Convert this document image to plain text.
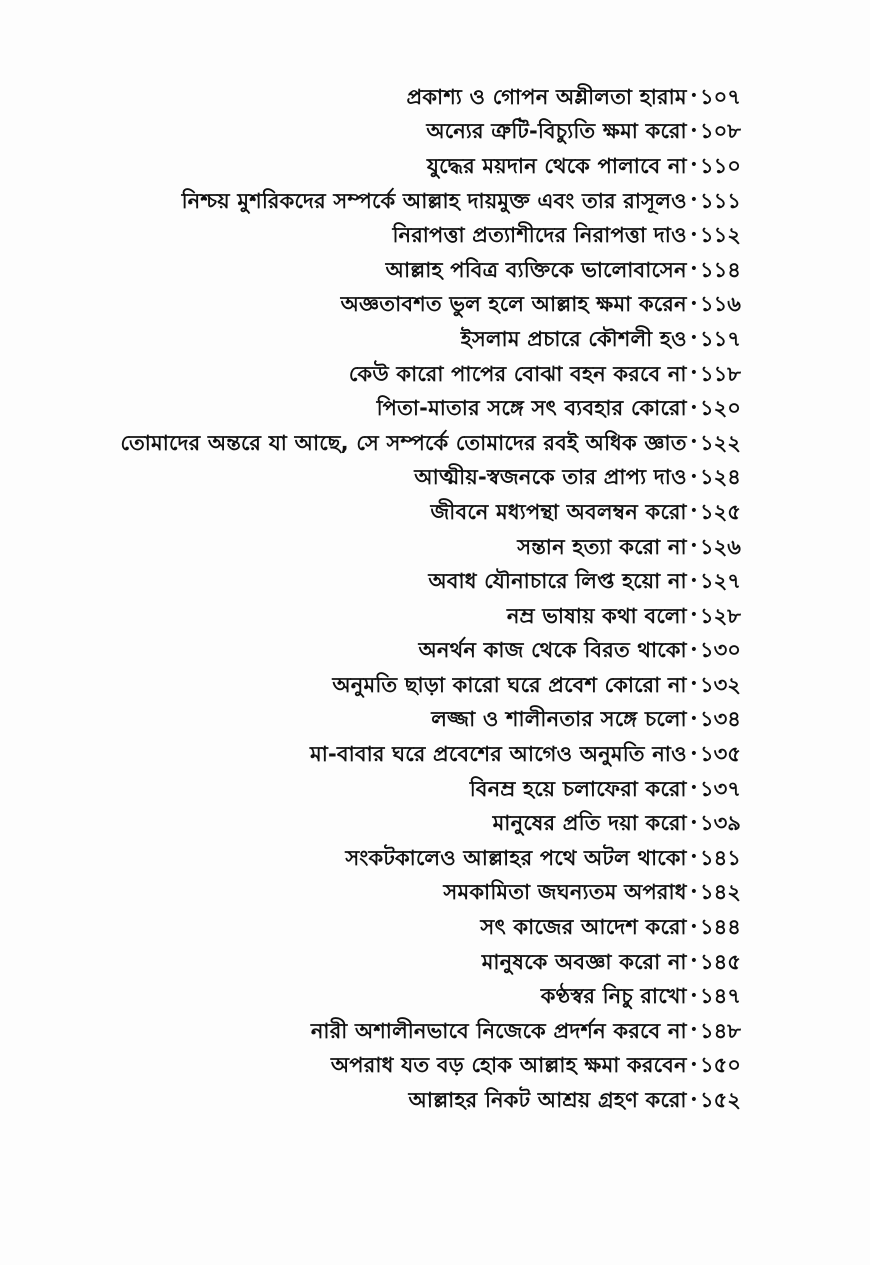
প্রকাশ্য ও গোপন অশ্লীলতা হারাম • ১০৭
অন্যের ত্রুটি-বিচ্যুতি ক্ষমা করো • ১০৮
যুদ্ধের ময়দান থেকে পালাবে না • ১১০
নিশ্চয় মুশরিকদের সম্পর্কে আল্লাহ দায়মুক্ত এবং তার রাসূলও • ১১১
নিরাপত্তা প্রত্যাশীদের নিরাপত্তা দাও • ১১২
আল্লাহ পবিত্র ব্যক্তিকে ভালোবাসেন • ১১৪
অজ্ঞতাবশত ভুল হলে আল্লাহ ক্ষমা করেন • ১১৬
ইসলাম প্রচারে কৌশলী হও • ১১৭
কেউ কারো পাপের বোঝা বহন করবে না • ১১৮
পিতা-মাতার সঙ্গে সৎ ব্যবহার কোরো • ১২০
তোমাদের অন্তরে যা আছে, সে সম্পর্কে তোমাদের রবই অধিক জ্ঞাত • ১২২
আত্মীয়-স্বজনকে তার প্রাপ্য দাও • ১২৪
জীবনে মধ্যপন্থা অবলম্বন করো • ১২৫
সন্তান হত্যা করো না • ১২৬
অবাধ যৌনাচারে লিপ্ত হয়ো না • ১২৭
নম্র ভাষায় কথা বলো • ১২৮
অনর্থন কাজ থেকে বিরত থাকো • ১৩০
অনুমতি ছাড়া কারো ঘরে প্রবেশ কোরো না • ১৩২
লজ্জা ও শালীনতার সঙ্গে চলো • ১৩৪
মা-বাবার ঘরে প্রবেশের আগেও অনুমতি নাও • ১৩৫
বিনম্র হয়ে চলাফেরা করো • ১৩৭
মানুষের প্রতি দয়া করো • ১৩৯
সংকটকালেও আল্লাহর পথে অটল থাকো • ১৪১
সমকামিতা জঘন্যতম অপরাধ • ১৪২
সৎ কাজের আদেশ করো • ১৪৪
মানুষকে অবজ্ঞা করো না • ১৪৫
কণ্ঠস্বর নিচু রাখো • ১৪৭
নারী অশালীনভাবে নিজেকে প্রদর্শন করবে না • ১৪৮
অপরাধ যত বড় হোক আল্লাহ ক্ষমা করবেন • ১৫০
আল্লাহর নিকট আশ্রয় গ্রহণ করো • ১৫২
